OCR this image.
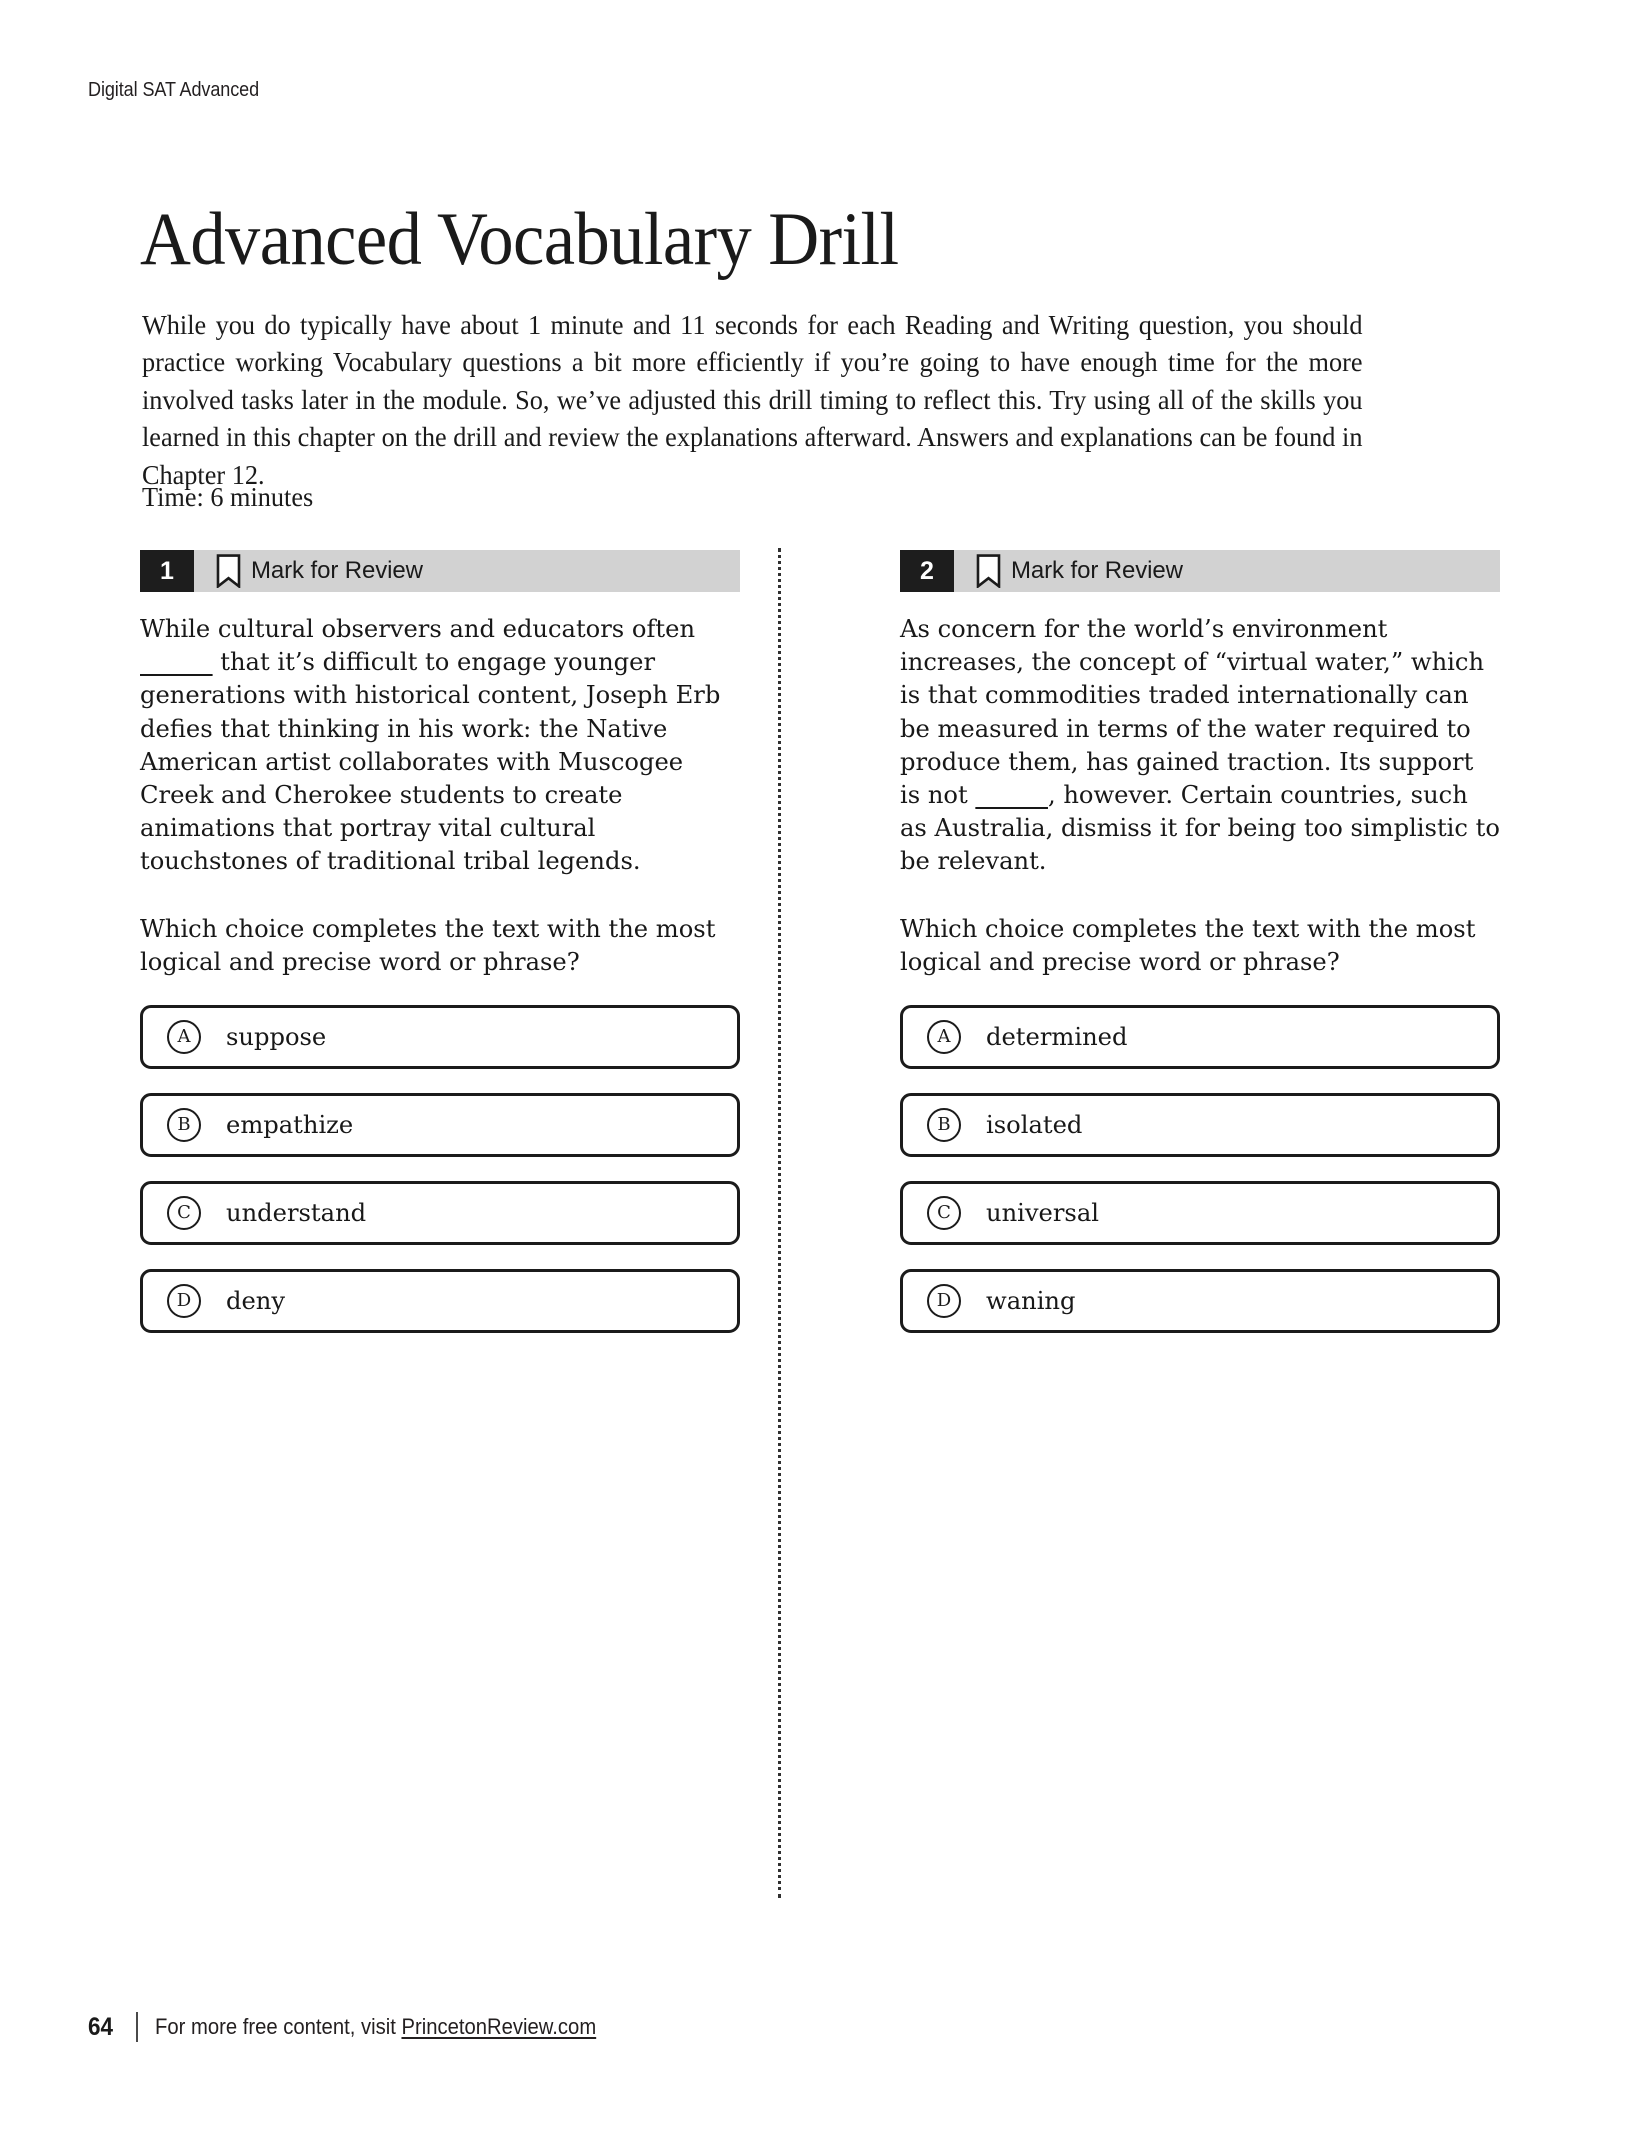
Digital SAT Advanced
Advanced Vocabulary Drill

While you do typically have about 1 minute and 11 seconds for each Reading and Writing question, you should practice working Vocabulary questions a bit more efficiently if you’re going to have enough time for the more involved tasks later in the module. So, we’ve adjusted this drill timing to reflect this. Try using all of the skills you learned in this chapter on the drill and review the explanations afterward. Answers and explanations can be found in Chapter 12.

Time: 6 minutes
1	Mark for Review
While cultural observers and educators often ______ that it’s difficult to engage younger generations with historical content, Joseph Erb defies that thinking in his work: the Native American artist collaborates with Muscogee Creek and Cherokee students to create animations that portray vital cultural touchstones of traditional tribal legends.
Which choice completes the text with the most logical and precise word or phrase?
A	suppose
B	empathize
C	understand
D	deny
2	Mark for Review
As concern for the world’s environment increases, the concept of “virtual water,” which is that commodities traded internationally can be measured in terms of the water required to produce them, has gained traction. Its support is not ______, however. Certain countries, such as Australia, dismiss it for being too simplistic to be relevant.
Which choice completes the text with the most logical and precise word or phrase?
A	determined
B	isolated
C	universal
D	waning
64 For more free content, visit PrincetonReview.com
